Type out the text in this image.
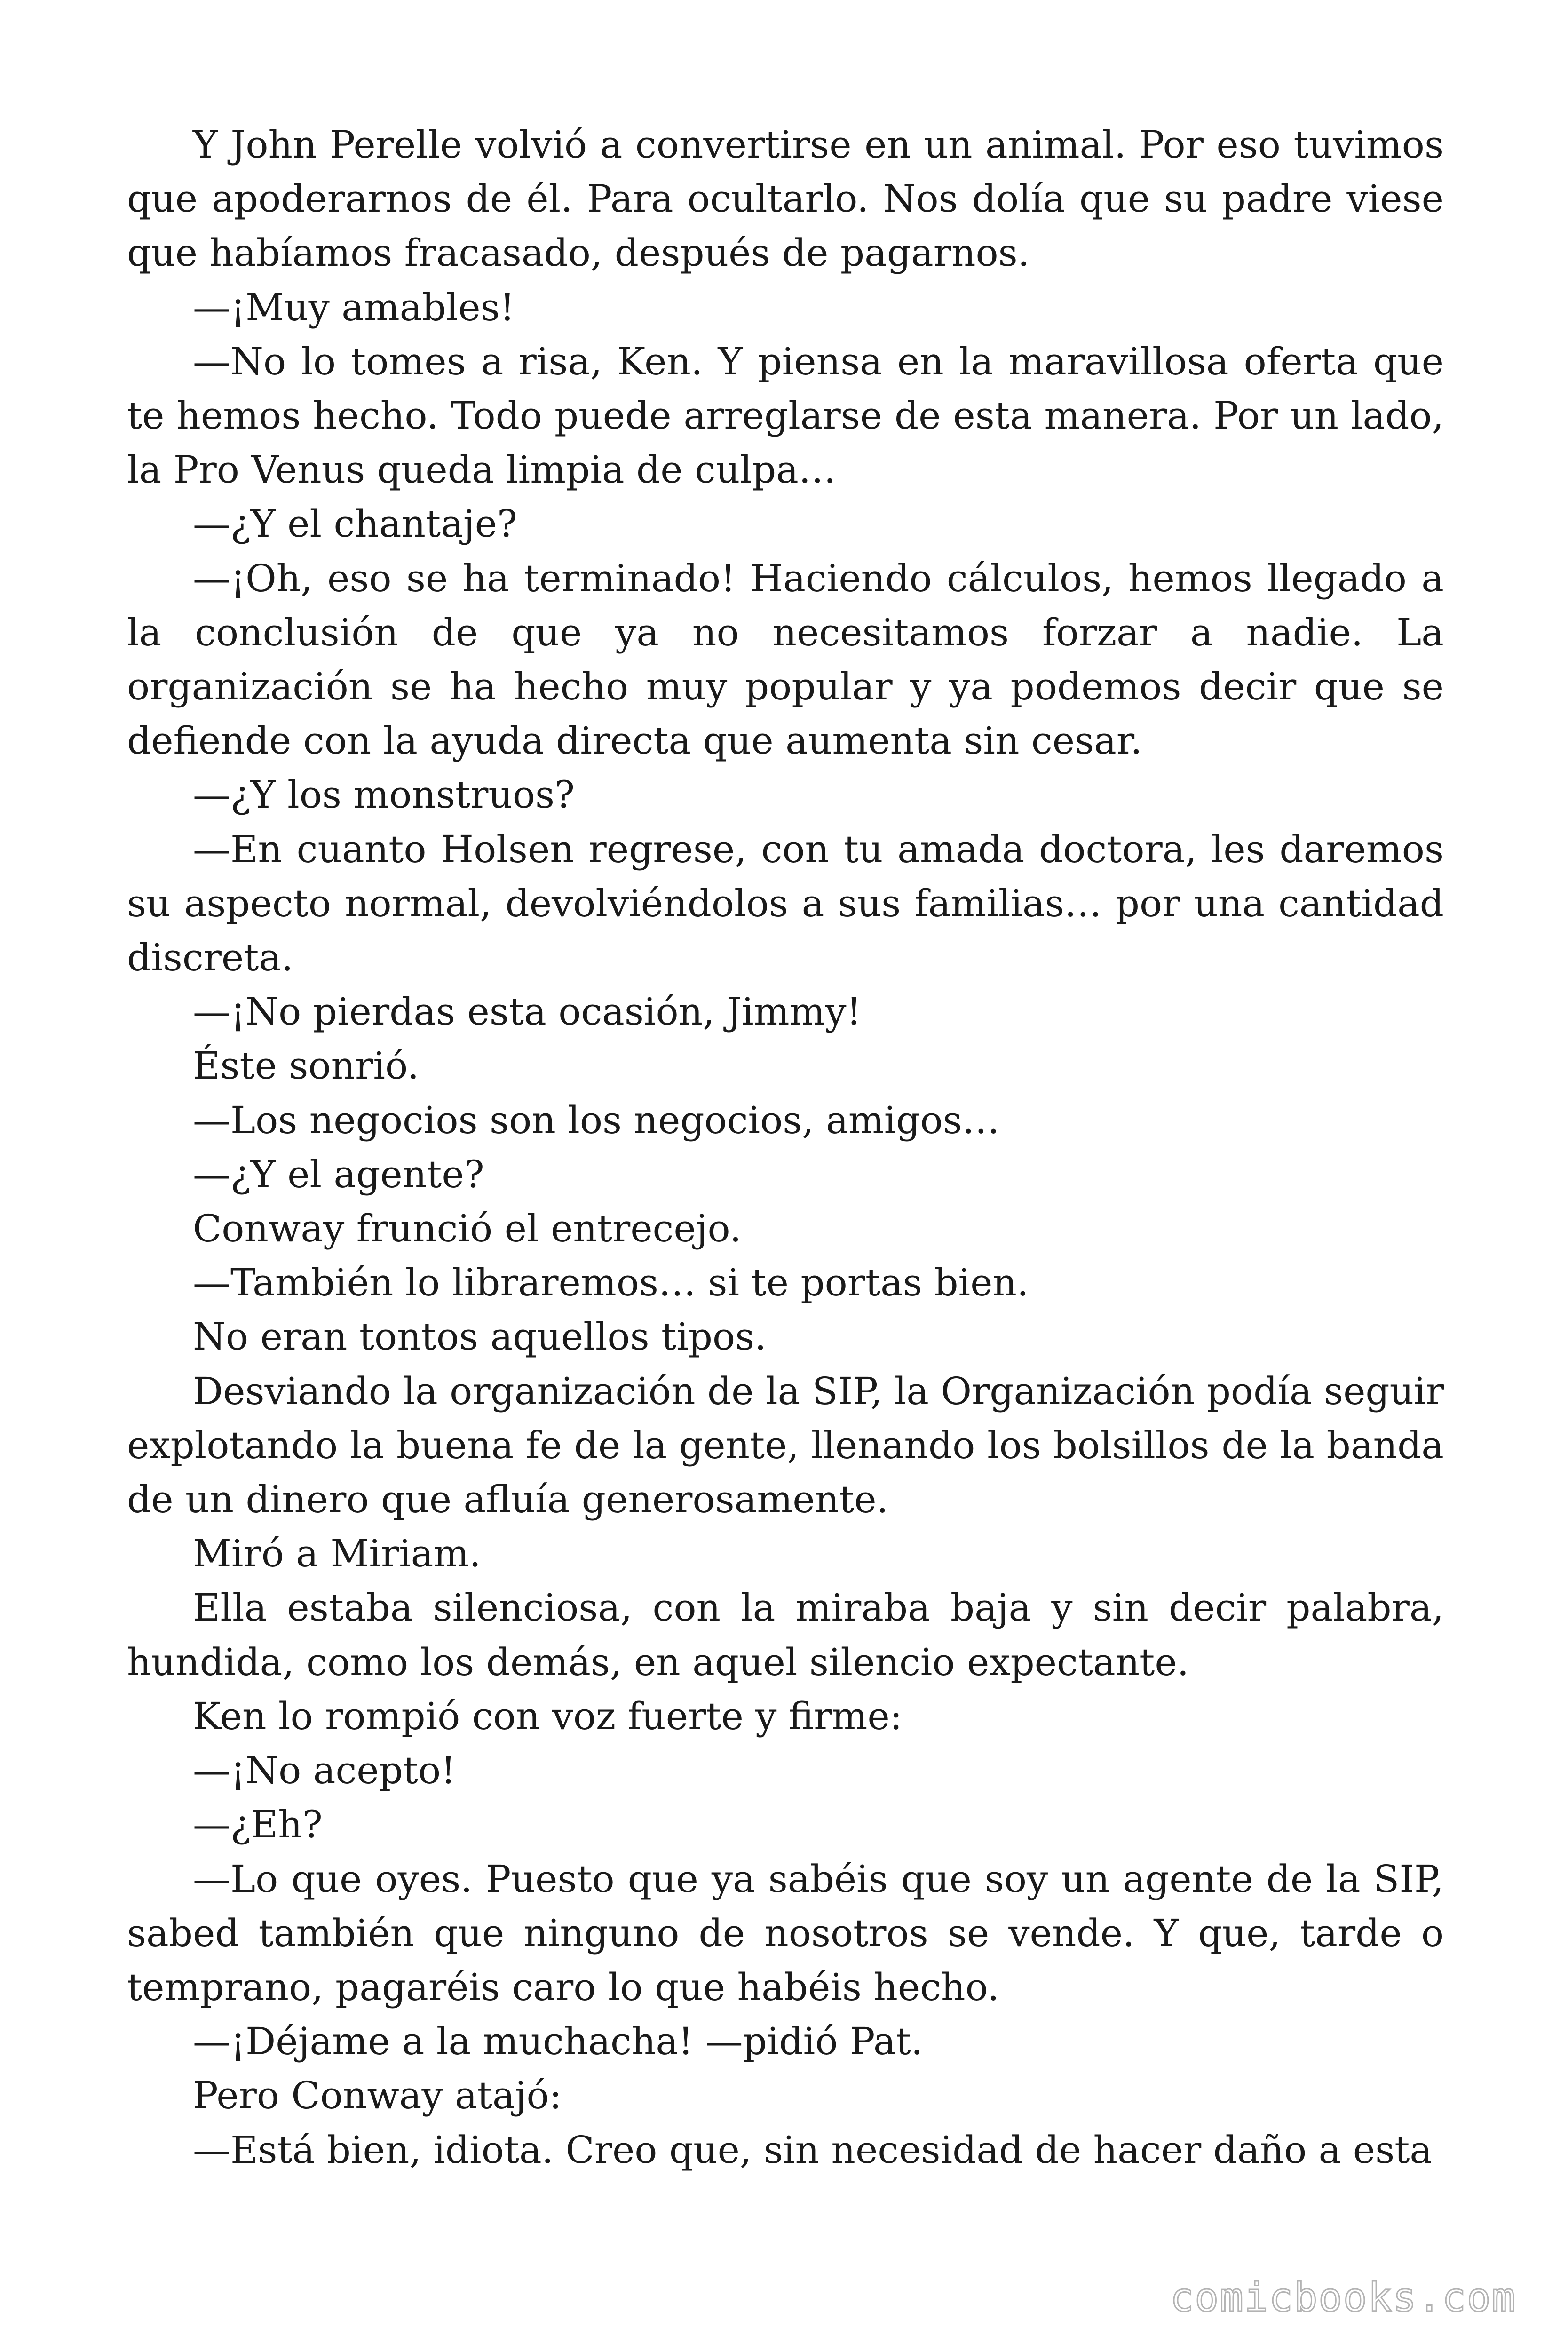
Y John Perelle volvió a convertirse en un animal. Por eso tuvimos que apoderarnos de él. Para ocultarlo. Nos dolía que su padre viese que habíamos fracasado, después de pagarnos.

—¡Muy amables!

—No lo tomes a risa, Ken. Y piensa en la maravillosa oferta que te hemos hecho. Todo puede arreglarse de esta manera. Por un lado, la Pro Venus queda limpia de culpa…

—¿Y el chantaje?

—¡Oh, eso se ha terminado! Haciendo cálculos, hemos llegado a la conclusión de que ya no necesitamos forzar a nadie. La organización se ha hecho muy popular y ya podemos decir que se defiende con la ayuda directa que aumenta sin cesar.

—¿Y los monstruos?

—En cuanto Holsen regrese, con tu amada doctora, les daremos su aspecto normal, devolviéndolos a sus familias… por una cantidad discreta.

—¡No pierdas esta ocasión, Jimmy!

Éste sonrió.

—Los negocios son los negocios, amigos…

—¿Y el agente?

Conway frunció el entrecejo.

—También lo libraremos… si te portas bien.

No eran tontos aquellos tipos.

Desviando la organización de la SIP, la Organización podía seguir explotando la buena fe de la gente, llenando los bolsillos de la banda de un dinero que afluía generosamente.

Miró a Miriam.

Ella estaba silenciosa, con la miraba baja y sin decir palabra, hundida, como los demás, en aquel silencio expectante.

Ken lo rompió con voz fuerte y firme:

—¡No acepto!

—¿Eh?

—Lo que oyes. Puesto que ya sabéis que soy un agente de la SIP, sabed también que ninguno de nosotros se vende. Y que, tarde o temprano, pagaréis caro lo que habéis hecho.

—¡Déjame a la muchacha! —pidió Pat.

Pero Conway atajó:

—Está bien, idiota. Creo que, sin necesidad de hacer daño a esta

comicbooks.com
